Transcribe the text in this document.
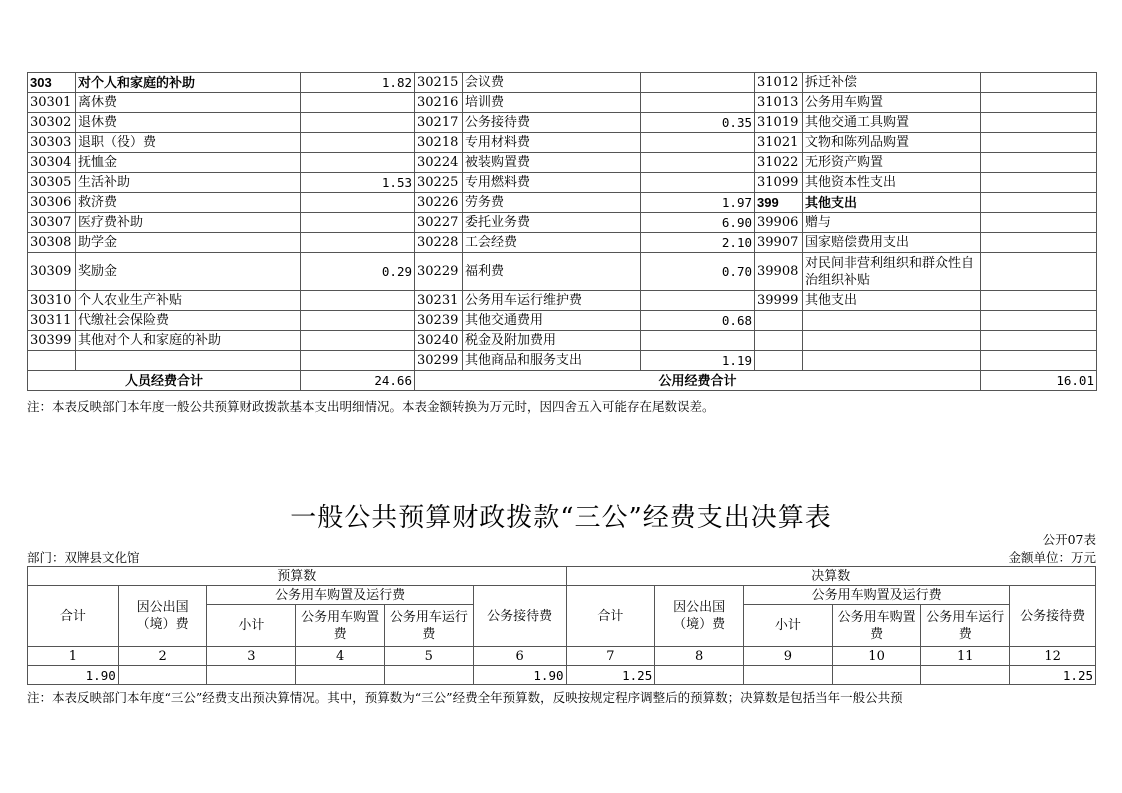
303	对个人和家庭的补助	1.82	30215	会议费		31012	拆迁补偿	
30301	离休费		30216	培训费		31013	公务用车购置	
30302	退休费		30217	公务接待费	0.35	31019	其他交通工具购置	
30303	退职（役）费		30218	专用材料费		31021	文物和陈列品购置	
30304	抚恤金		30224	被装购置费		31022	无形资产购置	
30305	生活补助	1.53	30225	专用燃料费		31099	其他资本性支出	
30306	救济费		30226	劳务费	1.97	399	其他支出	
30307	医疗费补助		30227	委托业务费	6.90	39906	赠与	
30308	助学金		30228	工会经费	2.10	39907	国家赔偿费用支出	
30309	奖励金	0.29	30229	福利费	0.70	39908	对民间非营利组织和群众性自治组织补贴	
30310	个人农业生产补贴		30231	公务用车运行维护费		39999	其他支出	
30311	代缴社会保险费		30239	其他交通费用	0.68			
30399	其他对个人和家庭的补助		30240	税金及附加费用				
			30299	其他商品和服务支出	1.19			
人员经费合计		24.66	公用经费合计					16.01
注：本表反映部门本年度一般公共预算财政拨款基本支出明细情况。本表金额转换为万元时，因四舍五入可能存在尾数误差。
一般公共预算财政拨款“三公”经费支出决算表
公开07表
部门：双牌县文化馆	金额单位：万元
预算数						决算数					
合计	因公出国（境）费	公务用车购置及运行费			公务接待费	合计	因公出国（境）费	公务用车购置及运行费			公务接待费
		小计	公务用车购置费	公务用车运行费				小计	公务用车购置费	公务用车运行费	
1	2	3	4	5	6	7	8	9	10	11	12
1.90					1.90	1.25					1.25
注：本表反映部门本年度“三公”经费支出预决算情况。其中，预算数为“三公”经费全年预算数，反映按规定程序调整后的预算数；决算数是包括当年一般公共预
